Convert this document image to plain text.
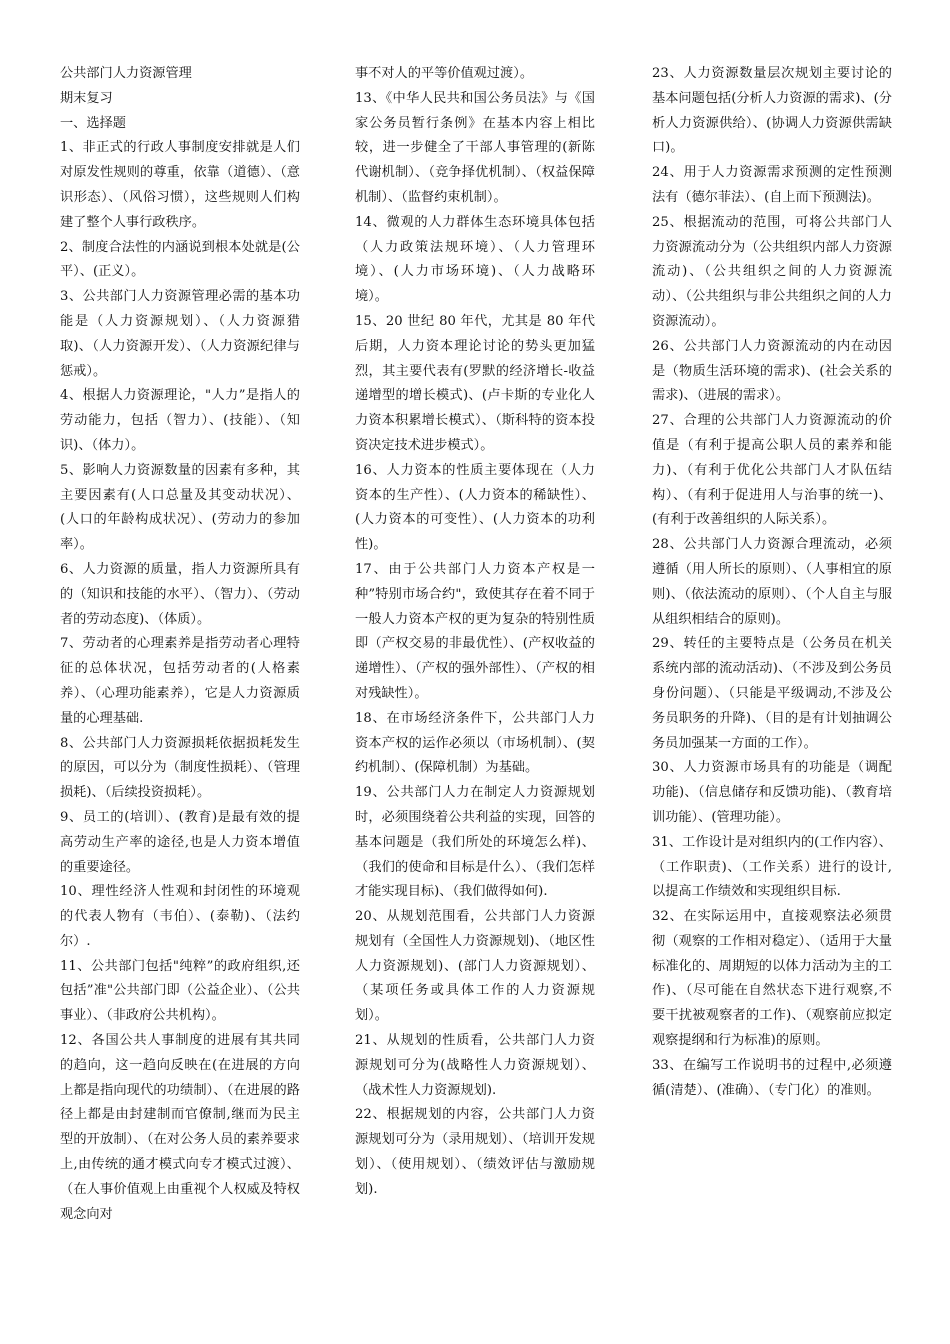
公共部门人力资源管理

期末复习

一、选择题

1、非正式的行政人事制度安排就是人们对原发性规则的尊重，依靠（道德）、（意识形态）、（风俗习惯），这些规则人们构建了整个人事行政秩序。

2、制度合法性的内涵说到根本处就是(公平）、(正义）。

3、公共部门人力资源管理必需的基本功能是（人力资源规划）、（人力资源猎取)、（人力资源开发）、（人力资源纪律与惩戒）。

4、根据人力资源理论，"人力”是指人的劳动能力，包括（智力）、(技能）、（知识)、（体力）。

5、影响人力资源数量的因素有多种，其主要因素有(人口总量及其变动状况）、(人口的年龄构成状况）、(劳动力的参加率）。

6、人力资源的质量，指人力资源所具有的（知识和技能的水平）、（智力）、（劳动者的劳动态度)、（体质）。

7、劳动者的心理素养是指劳动者心理特征的总体状况，包括劳动者的(人格素养）、（心理功能素养），它是人力资源质量的心理基础.

8、公共部门人力资源损耗依据损耗发生的原因，可以分为（制度性损耗）、（管理损耗)、（后续投资损耗）。

9、员工的(培训）、(教育)是最有效的提高劳动生产率的途径,也是人力资本增值的重要途径。

10、理性经济人性观和封闭性的环境观的代表人物有（韦伯）、(泰勒)、（法约尔）.

11、公共部门包括"纯粹”的政府组织,还包括”准"公共部门即（公益企业）、（公共事业）、（非政府公共机构）。

12、各国公共人事制度的进展有其共同的趋向，这一趋向反映在(在进展的方向上都是指向现代的功绩制）、（在进展的路径上都是由封建制而官僚制,继而为民主型的开放制）、（在对公务人员的素养要求上,由传统的通才模式向专才模式过渡）、（在人事价值观上由重视个人权威及特权观念向对

事不对人的平等价值观过渡）。

13、《中华人民共和国公务员法》与《国家公务员暂行条例》在基本内容上相比较，进一步健全了干部人事管理的(新陈代谢机制）、（竞争择优机制）、（权益保障机制）、（监督约束机制）。

14、微观的人力群体生态环境具体包括（人力政策法规环境）、（人力管理环境）、(人力市场环境)、（人力战略环境）。

15、20 世纪 80 年代，尤其是 80 年代后期，人力资本理论讨论的势头更加猛烈，其主要代表有(罗默的经济增长-收益递增型的增长模式)、(卢卡斯的专业化人力资本积累增长模式）、（斯科特的资本投资决定技术进步模式）。

16、人力资本的性质主要体现在（人力资本的生产性）、(人力资本的稀缺性）、(人力资本的可变性）、(人力资本的功利性)。

17、由于公共部门人力资本产权是一种”特别市场合约"，致使其存在着不同于一般人力资本产权的更为复杂的特别性质即（产权交易的非最优性）、(产权收益的递增性）、（产权的强外部性）、（产权的相对残缺性）。

18、在市场经济条件下，公共部门人力资本产权的运作必须以（市场机制）、(契约机制）、(保障机制）为基础。

19、公共部门人力在制定人力资源规划时，必须围绕着公共利益的实现，回答的基本问题是（我们所处的环境怎么样)、（我们的使命和目标是什么）、（我们怎样才能实现目标)、（我们做得如何).

20、从规划范围看，公共部门人力资源规划有（全国性人力资源规划)、（地区性人力资源规划)、(部门人力资源规划）、（某项任务或具体工作的人力资源规划）。

21、从规划的性质看，公共部门人力资源规划可分为(战略性人力资源规划）、（战术性人力资源规划).

22、根据规划的内容，公共部门人力资源规划可分为（录用规划）、（培训开发规划）、（使用规划）、（绩效评估与激励规划).

23、人力资源数量层次规划主要讨论的基本问题包括(分析人力资源的需求)、(分析人力资源供给）、(协调人力资源供需缺口)。

24、用于人力资源需求预测的定性预测法有（德尔菲法）、(自上而下预测法)。

25、根据流动的范围，可将公共部门人力资源流动分为（公共组织内部人力资源流动)、（公共组织之间的人力资源流动）、（公共组织与非公共组织之间的人力资源流动）。

26、公共部门人力资源流动的内在动因是（物质生活环境的需求)、(社会关系的需求)、（进展的需求）。

27、合理的公共部门人力资源流动的价值是（有利于提高公职人员的素养和能力)、（有利于优化公共部门人才队伍结构）、（有利于促进用人与治事的统一)、(有利于改善组织的人际关系）。

28、公共部门人力资源合理流动，必须遵循（用人所长的原则）、（人事相宜的原则)、（依法流动的原则）、（个人自主与服从组织相结合的原则)。

29、转任的主要特点是（公务员在机关系统内部的流动活动)、（不涉及到公务员身份问题）、（只能是平级调动,不涉及公务员职务的升降)、（目的是有计划抽调公务员加强某一方面的工作）。

30、人力资源市场具有的功能是（调配功能)、（信息储存和反馈功能)、（教育培训功能）、(管理功能）。

31、工作设计是对组织内的(工作内容）、（工作职责)、（工作关系）进行的设计,以提高工作绩效和实现组织目标.

32、在实际运用中，直接观察法必须贯彻（观察的工作相对稳定）、（适用于大量标准化的、周期短的以体力活动为主的工作)、（尽可能在自然状态下进行观察,不要干扰被观察者的工作)、（观察前应拟定观察提纲和行为标准)的原则。

33、在编写工作说明书的过程中,必须遵循(清楚）、(准确）、（专门化）的准则。
